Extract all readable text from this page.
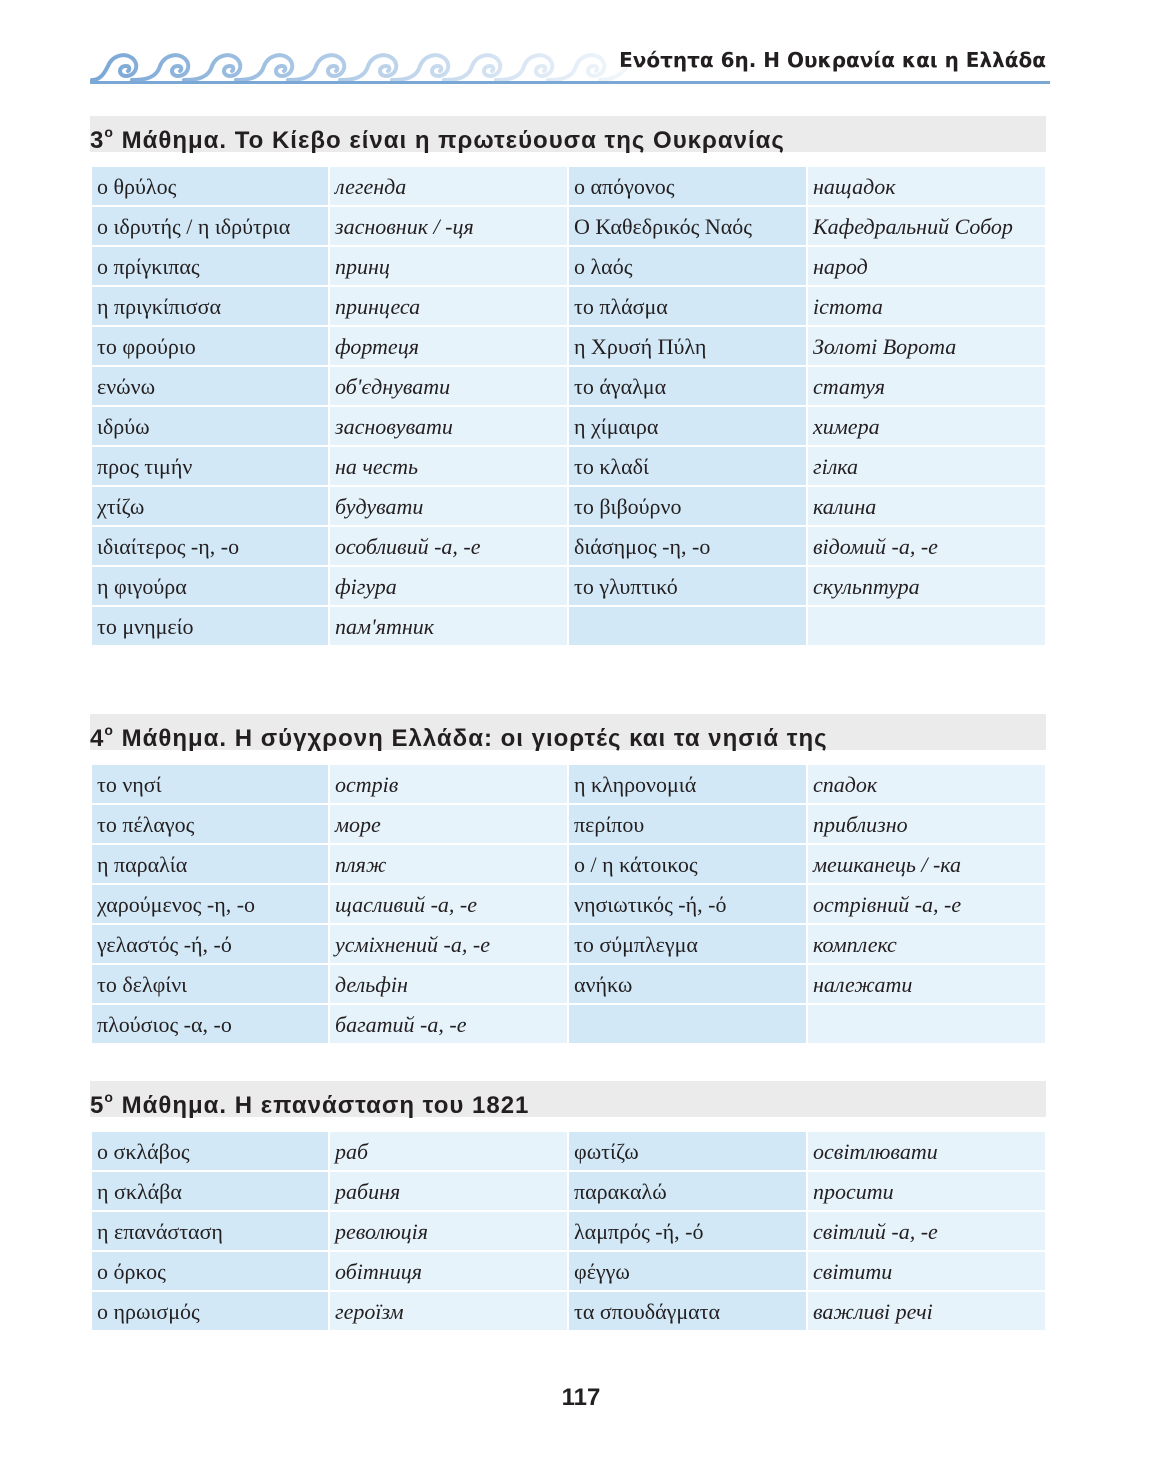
Ενότητα 6η. Η Ουκρανία και η Ελλάδα
$3^o$ Μάθημα. Το Κίεβο είναι η πρωτεύουσα της Ουκρανίας
ο θρύλος	легенда	ο απόγονος	нащадок
ο ιδρυτής / η ιδρύτρια	засновник / -ця	Ο Καθεδρικός Ναός	Кафедральний Собор
ο πρίγκιπας	принц	ο λαός	народ
η πριγκίπισσα	принцеса	το πλάσμα	істота
το φρούριο	фортеця	η Χρυσή Πύλη	Золоті Ворота
ενώνω	об'єднувати	το άγαλμα	статуя
ιδρύω	засновувати	η χίμαιρα	химера
προς τιμήν	на честь	το κλαδί	гілка
χτίζω	будувати	το βιβούρνο	калина
ιδιαίτερος -η, -ο	особливий -а, -е	διάσημος -η, -ο	відомий -а, -е
η φιγούρα	фігура	το γλυπτικό	скульптура
το μνημείο	пам'ятник		
$4^o$ Μάθημα. Η σύγχρονη Ελλάδα: οι γιορτές και τα νησιά της
το νησί	острів	η κληρονομιά	спадок
το πέλαγος	море	περίπου	приблизно
η παραλία	пляж	ο / η κάτοικος	мешканець / -ка
χαρούμενος -η, -ο	щасливий -а, -е	νησιωτικός -ή, -ό	острівний -а, -е
γελαστός -ή, -ό	усміхнений -а, -е	το σύμπλεγμα	комплекс
το δελφίνι	дельфін	ανήκω	належати
πλούσιος -α, -ο	багатий -а, -е		
$5^o$ Μάθημα. Η επανάσταση του 1821
ο σκλάβος	раб	φωτίζω	освітлювати
η σκλάβα	рабиня	παρακαλώ	просити
η επανάσταση	революція	λαμπρός -ή, -ό	світлий -а, -е
ο όρκος	обітниця	φέγγω	світити
ο ηρωισμός	героїзм	τα σπουδάγματα	важливі речі
117
